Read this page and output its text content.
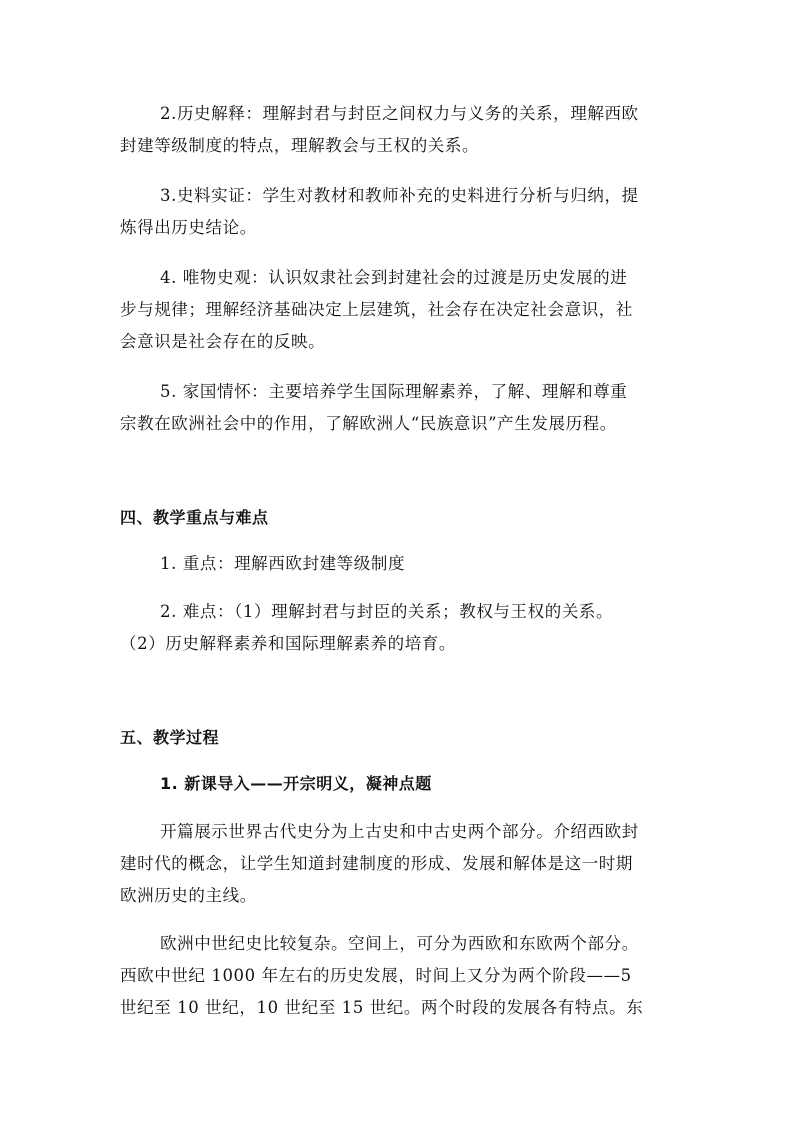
2.历史解释：理解封君与封臣之间权力与义务的关系，理解西欧
封建等级制度的特点，理解教会与王权的关系。
3.史料实证：学生对教材和教师补充的史料进行分析与归纳，提
炼得出历史结论。
4. 唯物史观：认识奴隶社会到封建社会的过渡是历史发展的进
步与规律；理解经济基础决定上层建筑，社会存在决定社会意识，社
会意识是社会存在的反映。
5. 家国情怀：主要培养学生国际理解素养，了解、理解和尊重
宗教在欧洲社会中的作用，了解欧洲人“民族意识”产生发展历程。
四、教学重点与难点
1. 重点：理解西欧封建等级制度
2. 难点：（1）理解封君与封臣的关系；教权与王权的关系。
（2）历史解释素养和国际理解素养的培育。
五、教学过程
1. 新课导入——开宗明义，凝神点题
开篇展示世界古代史分为上古史和中古史两个部分。介绍西欧封
建时代的概念，让学生知道封建制度的形成、发展和解体是这一时期
欧洲历史的主线。
欧洲中世纪史比较复杂。空间上，可分为西欧和东欧两个部分。
西欧中世纪 1000 年左右的历史发展，时间上又分为两个阶段——5
世纪至 10 世纪，10 世纪至 15 世纪。两个时段的发展各有特点。东
